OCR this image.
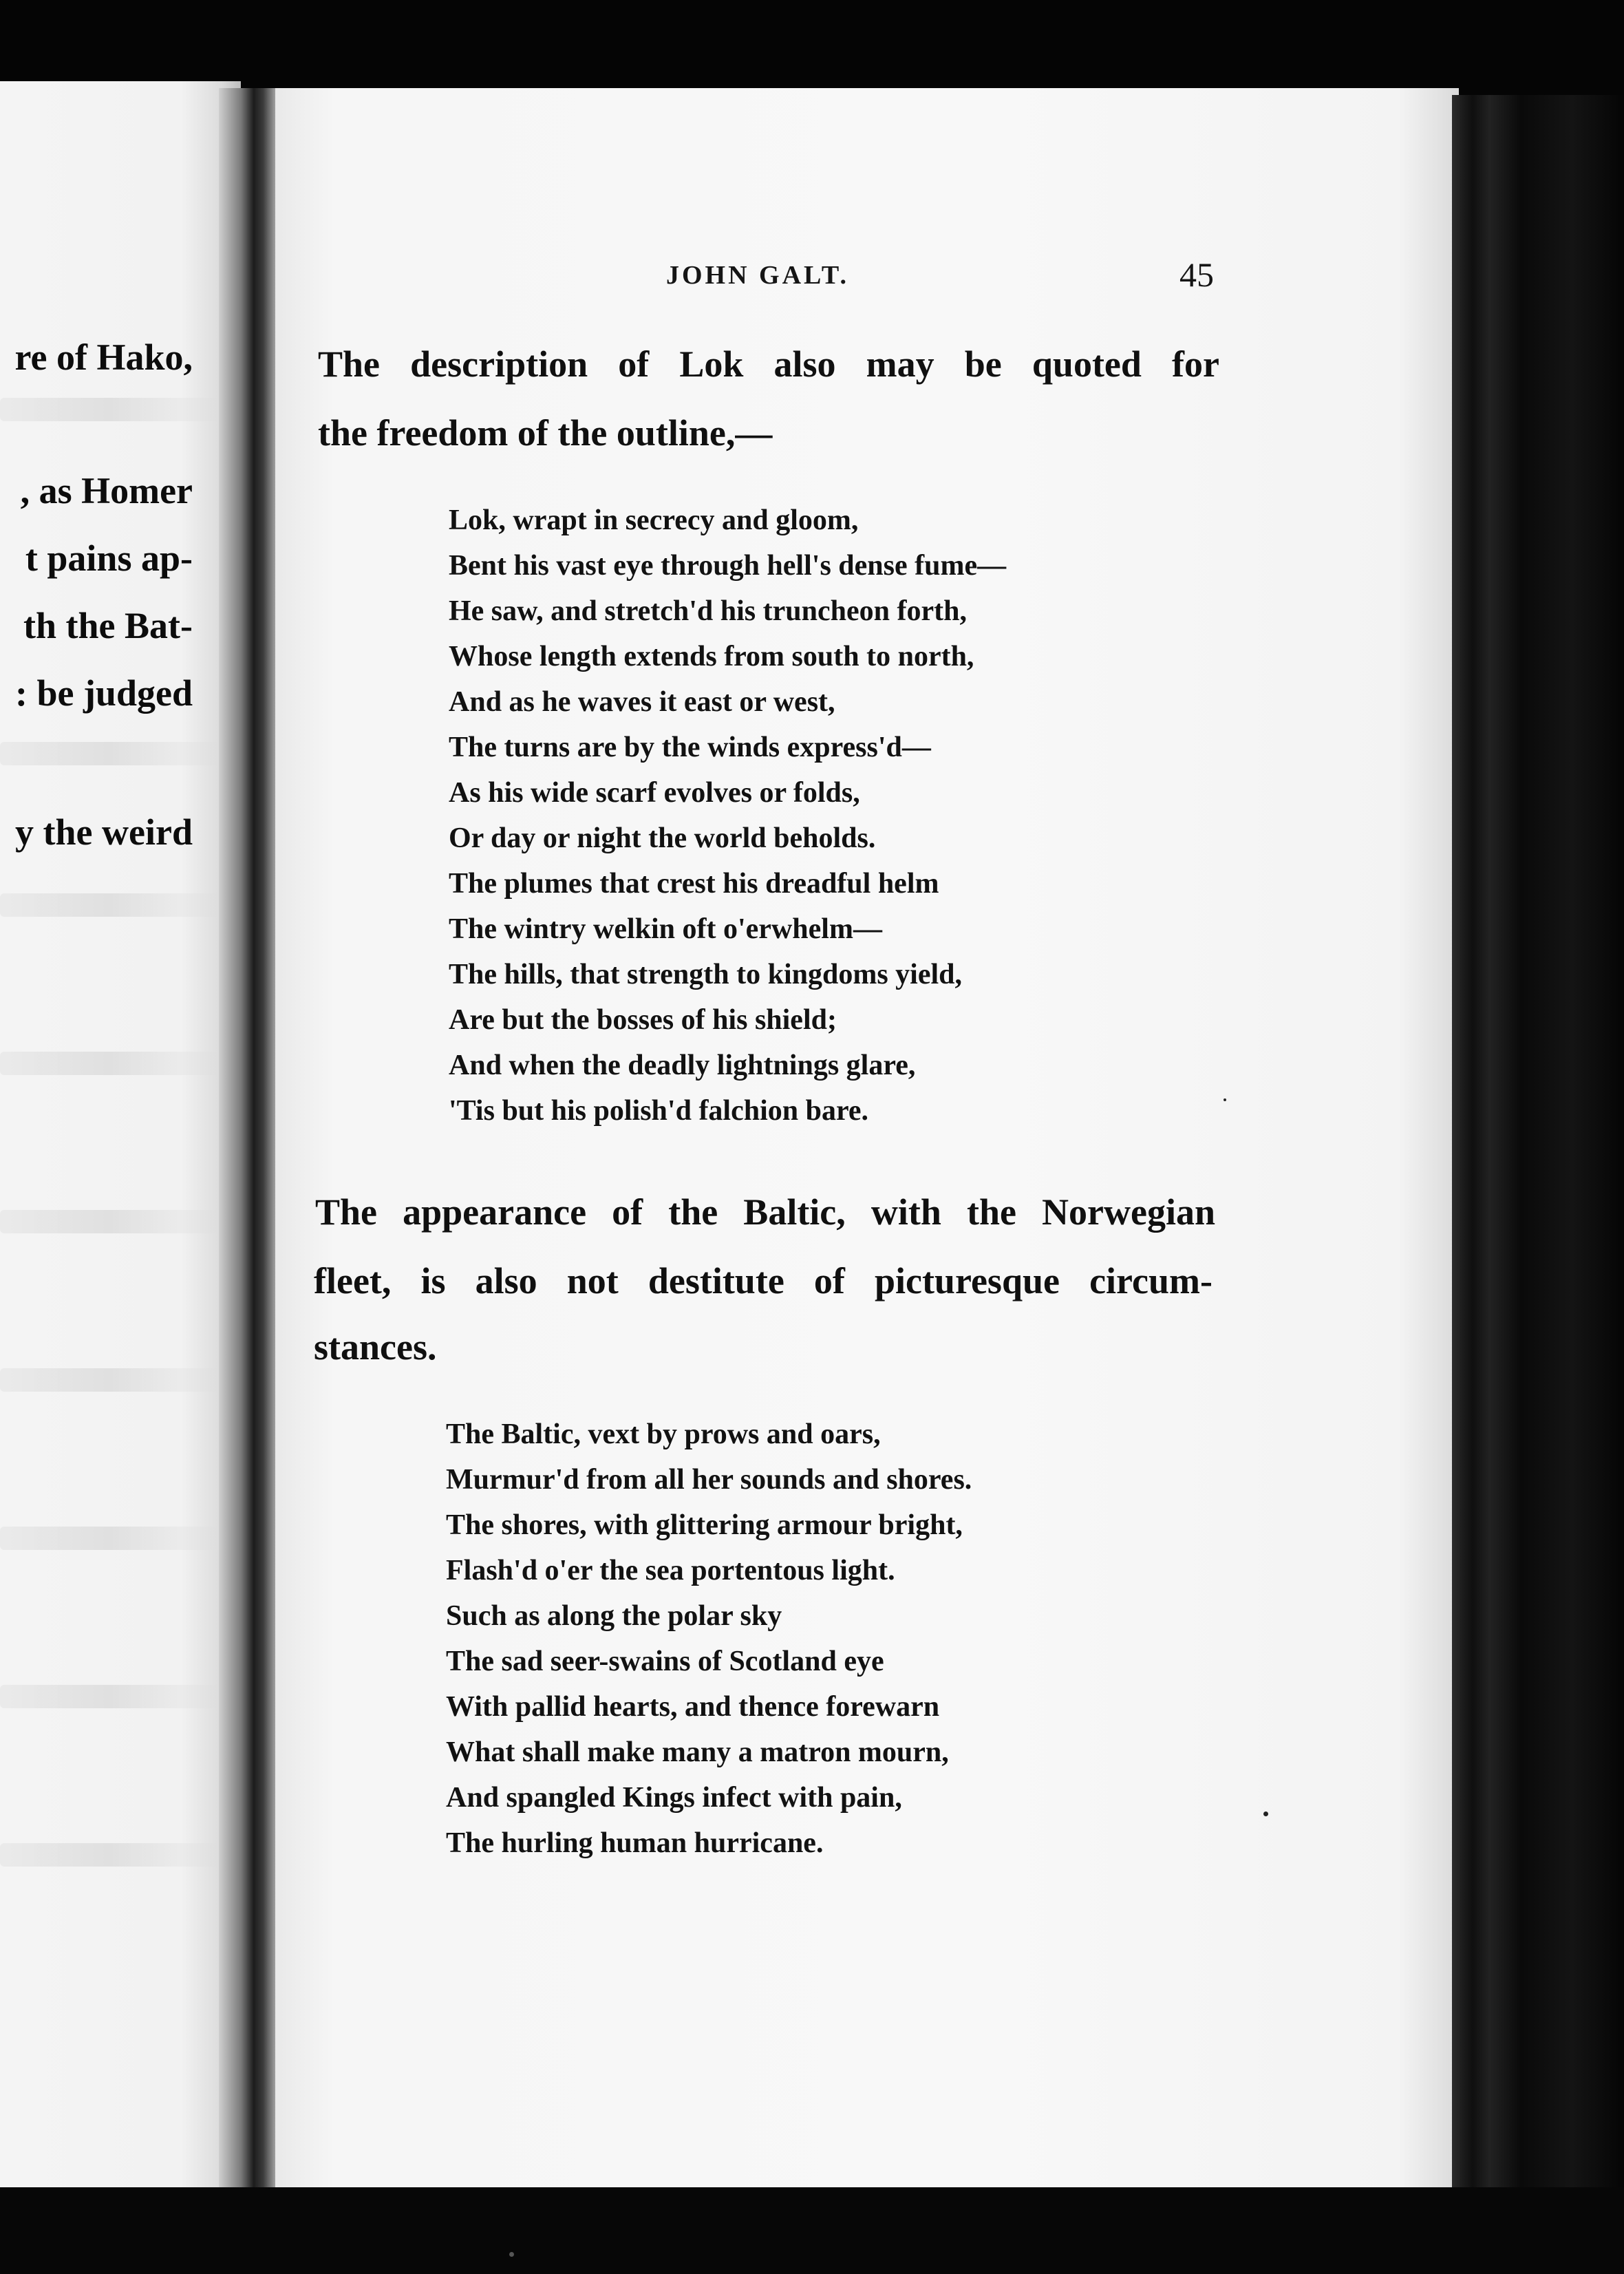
re of Hako,
, as Homer
t pains ap-
th the Bat-
: be judged
y the weird
JOHN GALT.	45
The description of Lok also may be quoted for
the freedom of the outline,—
Lok, wrapt in secrecy and gloom,
Bent his vast eye through hell's dense fume—
He saw, and stretch'd his truncheon forth,
Whose length extends from south to north,
And as he waves it east or west,
The turns are by the winds express'd—
As his wide scarf evolves or folds,
Or day or night the world beholds.
The plumes that crest his dreadful helm
The wintry welkin oft o'erwhelm—
The hills, that strength to kingdoms yield,
Are but the bosses of his shield;
And when the deadly lightnings glare,
'Tis but his polish'd falchion bare.
The appearance of the Baltic, with the Norwegian
fleet, is also not destitute of picturesque circum-
stances.
The Baltic, vext by prows and oars,
Murmur'd from all her sounds and shores.
The shores, with glittering armour bright,
Flash'd o'er the sea portentous light.
Such as along the polar sky
The sad seer-swains of Scotland eye
With pallid hearts, and thence forewarn
What shall make many a matron mourn,
And spangled Kings infect with pain,
The hurling human hurricane.
